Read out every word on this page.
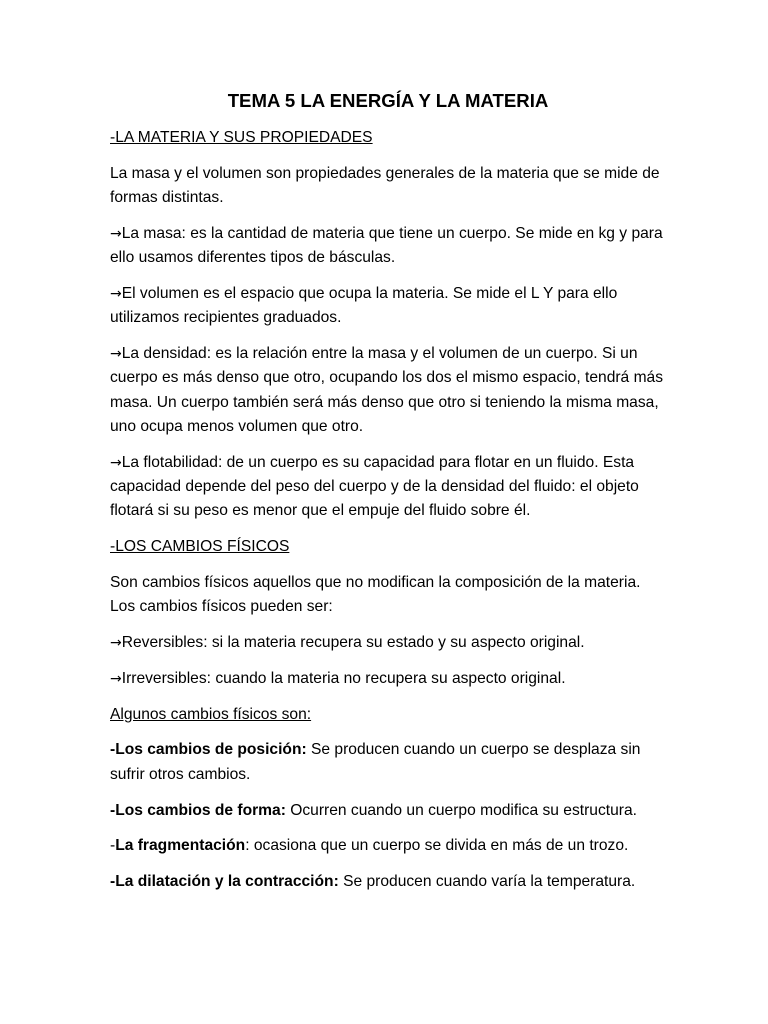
TEMA 5 LA ENERGÍA Y LA MATERIA
-LA MATERIA Y SUS PROPIEDADES
La masa y el volumen son propiedades generales de la materia que se mide de formas distintas.
→La masa: es la cantidad de materia que tiene un cuerpo. Se mide en kg y para ello usamos diferentes tipos de básculas.
→El volumen es el espacio que ocupa la materia. Se mide el L Y para ello utilizamos recipientes graduados.
→La densidad: es la relación entre la masa y el volumen de un cuerpo. Si un cuerpo es más denso que otro, ocupando los dos el mismo espacio, tendrá más masa. Un cuerpo también será más denso que otro si teniendo la misma masa, uno ocupa menos volumen que otro.
→La flotabilidad: de un cuerpo es su capacidad para flotar en un fluido. Esta capacidad depende del peso del cuerpo y de la densidad del fluido: el objeto flotará si su peso es menor que el empuje del fluido sobre él.
-LOS CAMBIOS FÍSICOS
Son cambios físicos aquellos que no modifican la composición de la materia. Los cambios físicos pueden ser:
→Reversibles: si la materia recupera su estado y su aspecto original.
→Irreversibles: cuando la materia no recupera su aspecto original.
Algunos cambios físicos son:
-Los cambios de posición: Se producen cuando un cuerpo se desplaza sin sufrir otros cambios.
-Los cambios de forma: Ocurren cuando un cuerpo modifica su estructura.
-La fragmentación: ocasiona que un cuerpo se divida en más de un trozo.
-La dilatación y la contracción: Se producen cuando varía la temperatura.
